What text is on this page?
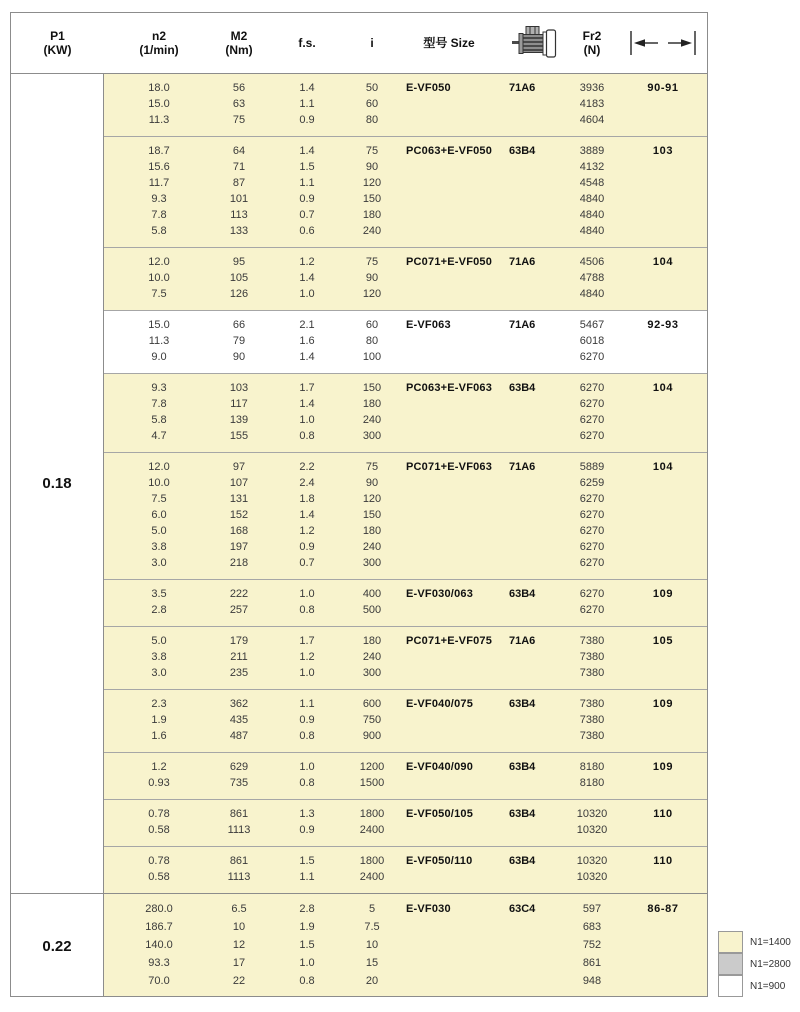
P1
(KW)
n2
(1/min)
M2
(Nm)	f.s.	i	型号 Size	Fr2
(N)
0.18
18.0	56	1.4	50	E-VF050	71A6	3936	90-91
15.0	63	1.1	60	4183
11.3	75	0.9	80	4604
18.7	64	1.4	75	PC063+E-VF050	63B4	3889	103
15.6	71	1.5	90	4132
11.7	87	1.1	120	4548
9.3	101	0.9	150	4840
7.8	113	0.7	180	4840
5.8	133	0.6	240	4840
12.0	95	1.2	75	PC071+E-VF050	71A6	4506	104
10.0	105	1.4	90	4788
7.5	126	1.0	120	4840
15.0	66	2.1	60	E-VF063	71A6	5467	92-93
11.3	79	1.6	80	6018
9.0	90	1.4	100	6270
9.3	103	1.7	150	PC063+E-VF063	63B4	6270	104
7.8	117	1.4	180	6270
5.8	139	1.0	240	6270
4.7	155	0.8	300	6270
12.0	97	2.2	75	PC071+E-VF063	71A6	5889	104
10.0	107	2.4	90	6259
7.5	131	1.8	120	6270
6.0	152	1.4	150	6270
5.0	168	1.2	180	6270
3.8	197	0.9	240	6270
3.0	218	0.7	300	6270
3.5	222	1.0	400	E-VF030/063	63B4	6270	109
2.8	257	0.8	500	6270
5.0	179	1.7	180	PC071+E-VF075	71A6	7380	105
3.8	211	1.2	240	7380
3.0	235	1.0	300	7380
2.3	362	1.1	600	E-VF040/075	63B4	7380	109
1.9	435	0.9	750	7380
1.6	487	0.8	900	7380
1.2	629	1.0	1200	E-VF040/090	63B4	8180	109
0.93	735	0.8	1500	8180
0.78	861	1.3	1800	E-VF050/105	63B4	10320	110
0.58	1113	0.9	2400	10320
0.78	861	1.5	1800	E-VF050/110	63B4	10320	110
0.58	1113	1.1	2400	10320
0.22
280.0	6.5	2.8	5	E-VF030	63C4	597	86-87
186.7	10	1.9	7.5	683
140.0	12	1.5	10	752
93.3	17	1.0	15	861
70.0	22	0.8	20	948
N1=1400
N1=2800
N1=900
